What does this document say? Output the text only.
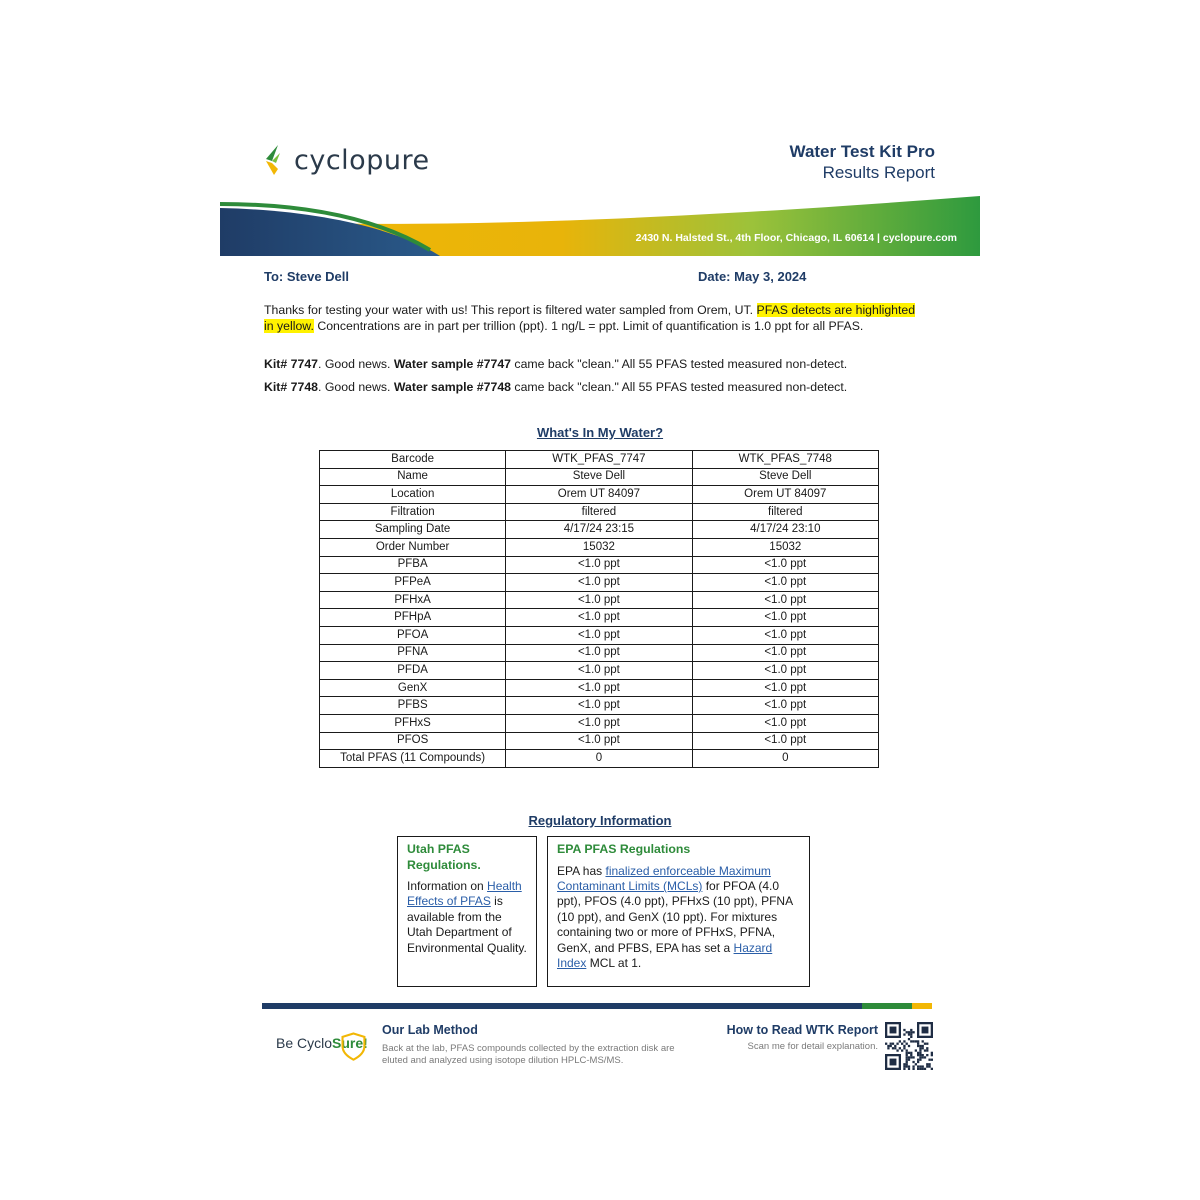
cyclopure	Water Test Kit Pro
Results Report
2430 N. Halsted St., 4th Floor, Chicago, IL 60614 | cyclopure.com
To: Steve Dell	Date: May 3, 2024
Thanks for testing your water with us! This report is filtered water sampled from Orem, UT. PFAS detects are highlighted in yellow. Concentrations are in part per trillion (ppt). 1 ng/L = ppt. Limit of quantification is 1.0 ppt for all PFAS.
Kit# 7747. Good news. Water sample #7747 came back "clean." All 55 PFAS tested measured non-detect.
Kit# 7748. Good news. Water sample #7748 came back "clean." All 55 PFAS tested measured non-detect.
What's In My Water?
Barcode	WTK_PFAS_7747	WTK_PFAS_7748
Name	Steve Dell	Steve Dell
Location	Orem UT 84097	Orem UT 84097
Filtration	filtered	filtered
Sampling Date	4/17/24 23:15	4/17/24 23:10
Order Number	15032	15032
PFBA	<1.0 ppt	<1.0 ppt
PFPeA	<1.0 ppt	<1.0 ppt
PFHxA	<1.0 ppt	<1.0 ppt
PFHpA	<1.0 ppt	<1.0 ppt
PFOA	<1.0 ppt	<1.0 ppt
PFNA	<1.0 ppt	<1.0 ppt
PFDA	<1.0 ppt	<1.0 ppt
GenX	<1.0 ppt	<1.0 ppt
PFBS	<1.0 ppt	<1.0 ppt
PFHxS	<1.0 ppt	<1.0 ppt
PFOS	<1.0 ppt	<1.0 ppt
Total PFAS (11 Compounds)	0	0
Regulatory Information
Utah PFAS Regulations.
Information on Health Effects of PFAS is available from the Utah Department of Environmental Quality.
EPA PFAS Regulations
EPA has finalized enforceable Maximum Contaminant Limits (MCLs) for PFOA (4.0 ppt), PFOS (4.0 ppt), PFHxS (10 ppt), PFNA (10 ppt), and GenX (10 ppt). For mixtures containing two or more of PFHxS, PFNA, GenX, and PFBS, EPA has set a Hazard Index MCL at 1.
Be CycloSure!
Our Lab Method
Back at the lab, PFAS compounds collected by the extraction disk are eluted and analyzed using isotope dilution HPLC-MS/MS.
How to Read WTK Report
Scan me for detail explanation.
